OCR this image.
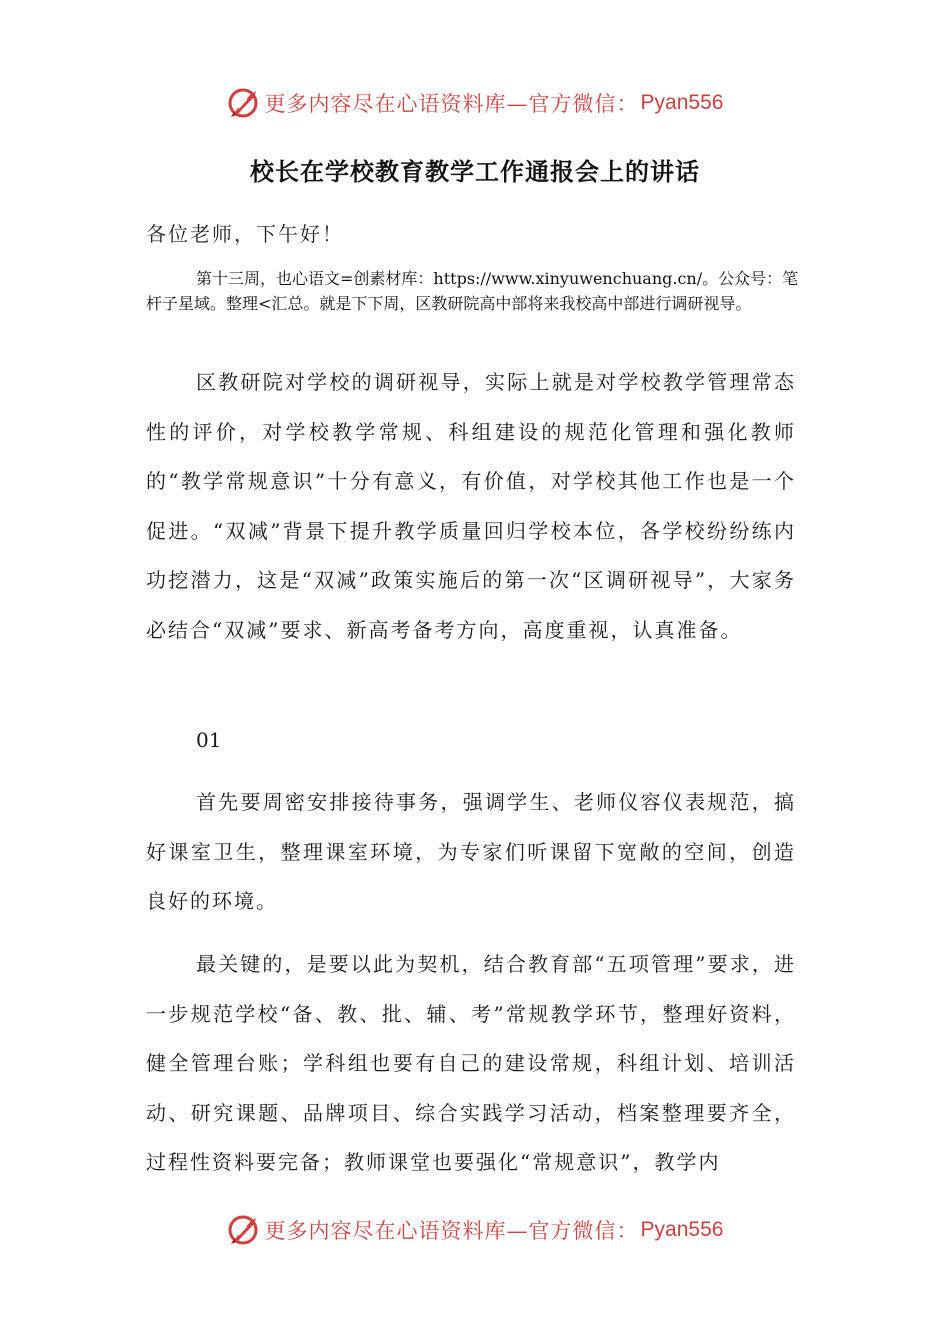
更多内容尽在心语资料库—官方微信： Pyan556
校长在学校教育教学工作通报会上的讲话
各位老师，下午好！
第十三周，也心语文=创素材库：https://www.xinyuwenchuang.cn/。公众号：笔杆子星域。整理<汇总。就是下下周，区教研院高中部将来我校高中部进行调研视导。
区教研院对学校的调研视导，实际上就是对学校教学管理常态性的评价，对学校教学常规、科组建设的规范化管理和强化教师的“教学常规意识”十分有意义，有价值，对学校其他工作也是一个促进。“双减”背景下提升教学质量回归学校本位，各学校纷纷练内功挖潜力，这是“双减”政策实施后的第一次“区调研视导”，大家务必结合“双减”要求、新高考备考方向，高度重视，认真准备。
01
首先要周密安排接待事务，强调学生、老师仪容仪表规范，搞好课室卫生，整理课室环境，为专家们听课留下宽敞的空间，创造良好的环境。
最关键的，是要以此为契机，结合教育部“五项管理”要求，进一步规范学校“备、教、批、辅、考”常规教学环节，整理好资料，健全管理台账；学科组也要有自己的建设常规，科组计划、培训活动、研究课题、品牌项目、综合实践学习活动，档案整理要齐全，过程性资料要完备；教师课堂也要强化“常规意识”，教学内
更多内容尽在心语资料库—官方微信： Pyan556
